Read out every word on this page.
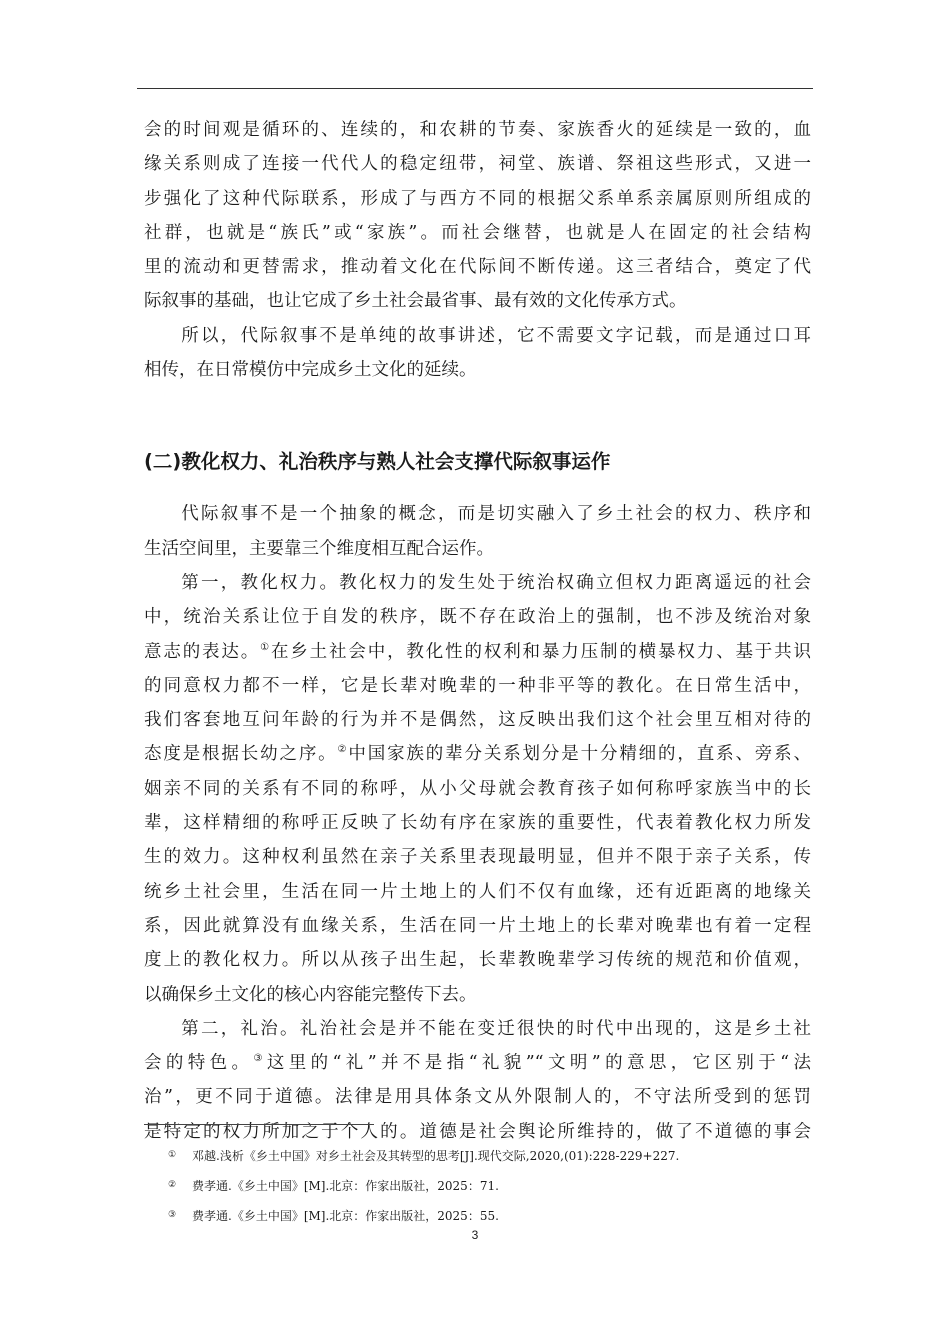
会的时间观是循环的、连续的，和农耕的节奏、家族香火的延续是一致的，血
缘关系则成了连接一代代人的稳定纽带，祠堂、族谱、祭祖这些形式，又进一
步强化了这种代际联系，形成了与西方不同的根据父系单系亲属原则所组成的
社群，也就是“族氏”或“家族”。而社会继替，也就是人在固定的社会结构
里的流动和更替需求，推动着文化在代际间不断传递。这三者结合，奠定了代
际叙事的基础，也让它成了乡土社会最省事、最有效的文化传承方式。
所以，代际叙事不是单纯的故事讲述，它不需要文字记载，而是通过口耳
相传，在日常模仿中完成乡土文化的延续。
(二)教化权力、礼治秩序与熟人社会支撑代际叙事运作
代际叙事不是一个抽象的概念，而是切实融入了乡土社会的权力、秩序和
生活空间里，主要靠三个维度相互配合运作。
第一，教化权力。教化权力的发生处于统治权确立但权力距离遥远的社会
中，统治关系让位于自发的秩序，既不存在政治上的强制，也不涉及统治对象
意志的表达。①在乡土社会中，教化性的权利和暴力压制的横暴权力、基于共识
的同意权力都不一样，它是长辈对晚辈的一种非平等的教化。在日常生活中，
我们客套地互问年龄的行为并不是偶然，这反映出我们这个社会里互相对待的
态度是根据长幼之序。②中国家族的辈分关系划分是十分精细的，直系、旁系、
姻亲不同的关系有不同的称呼，从小父母就会教育孩子如何称呼家族当中的长
辈，这样精细的称呼正反映了长幼有序在家族的重要性，代表着教化权力所发
生的效力。这种权利虽然在亲子关系里表现最明显，但并不限于亲子关系，传
统乡土社会里，生活在同一片土地上的人们不仅有血缘，还有近距离的地缘关
系，因此就算没有血缘关系，生活在同一片土地上的长辈对晚辈也有着一定程
度上的教化权力。所以从孩子出生起，长辈教晚辈学习传统的规范和价值观，
以确保乡土文化的核心内容能完整传下去。
第二，礼治。礼治社会是并不能在变迁很快的时代中出现的，这是乡土社
会的特色。③这里的“礼”并不是指“礼貌”“文明”的意思，它区别于“法
治”，更不同于道德。法律是用具体条文从外限制人的，不守法所受到的惩罚
是特定的权力所加之于个人的。道德是社会舆论所维持的，做了不道德的事会
① 邓越.浅析《乡土中国》对乡土社会及其转型的思考[J].现代交际,2020,(01):228-229+227.
② 费孝通.《乡土中国》[M].北京：作家出版社，2025：71.
③ 费孝通.《乡土中国》[M].北京：作家出版社，2025：55.
3
